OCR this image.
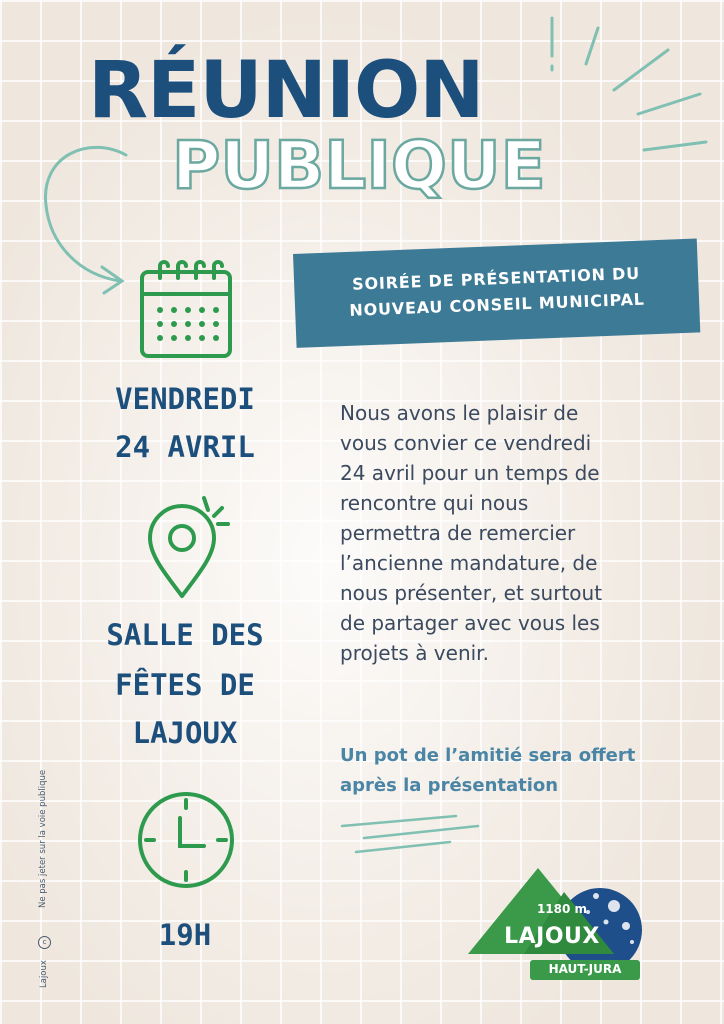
RÉUNION
PUBLIQUE
SOIRÉE DE PRÉSENTATION DU
NOUVEAU CONSEIL MUNICIPAL
VENDREDI
24 AVRIL
SALLE DES
FÊTES DE
LAJOUX
19H
Nous avons le plaisir de
vous convier ce vendredi
24 avril pour un temps de
rencontre qui nous
permettra de remercier
l’ancienne mandature, de
nous présenter, et surtout
de partager avec vous les
projets à venir.
Un pot de l’amitié sera offert
après la présentation
1180 m
LAJOUX
HAUT-JURA
Ne pas jeter sur la voie publique
Lajoux c
